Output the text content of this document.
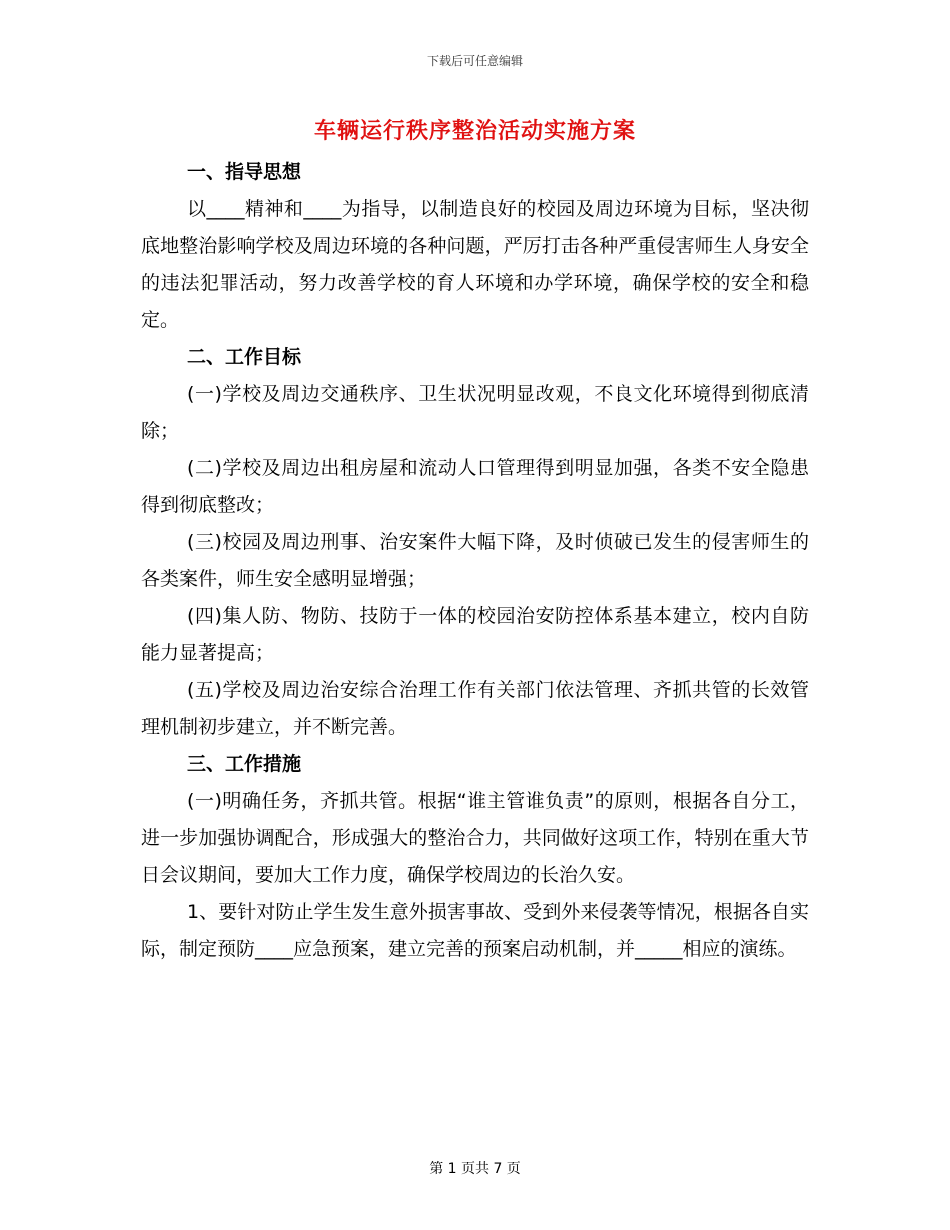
下载后可任意编辑
车辆运行秩序整治活动实施方案

一、指导思想

以____精神和____为指导，以制造良好的校园及周边环境为目标，坚决彻底地整治影响学校及周边环境的各种问题，严厉打击各种严重侵害师生人身安全的违法犯罪活动，努力改善学校的育人环境和办学环境，确保学校的安全和稳定。

二、工作目标

(一)学校及周边交通秩序、卫生状况明显改观，不良文化环境得到彻底清除；

(二)学校及周边出租房屋和流动人口管理得到明显加强，各类不安全隐患得到彻底整改；

(三)校园及周边刑事、治安案件大幅下降，及时侦破已发生的侵害师生的各类案件，师生安全感明显增强；

(四)集人防、物防、技防于一体的校园治安防控体系基本建立，校内自防能力显著提高；

(五)学校及周边治安综合治理工作有关部门依法管理、齐抓共管的长效管理机制初步建立，并不断完善。

三、工作措施

(一)明确任务，齐抓共管。根据“谁主管谁负责”的原则，根据各自分工，进一步加强协调配合，形成强大的整治合力，共同做好这项工作，特别在重大节日会议期间，要加大工作力度，确保学校周边的长治久安。

1、要针对防止学生发生意外损害事故、受到外来侵袭等情况，根据各自实际，制定预防____应急预案，建立完善的预案启动机制，并_____相应的演练。

第 1 页共 7 页
